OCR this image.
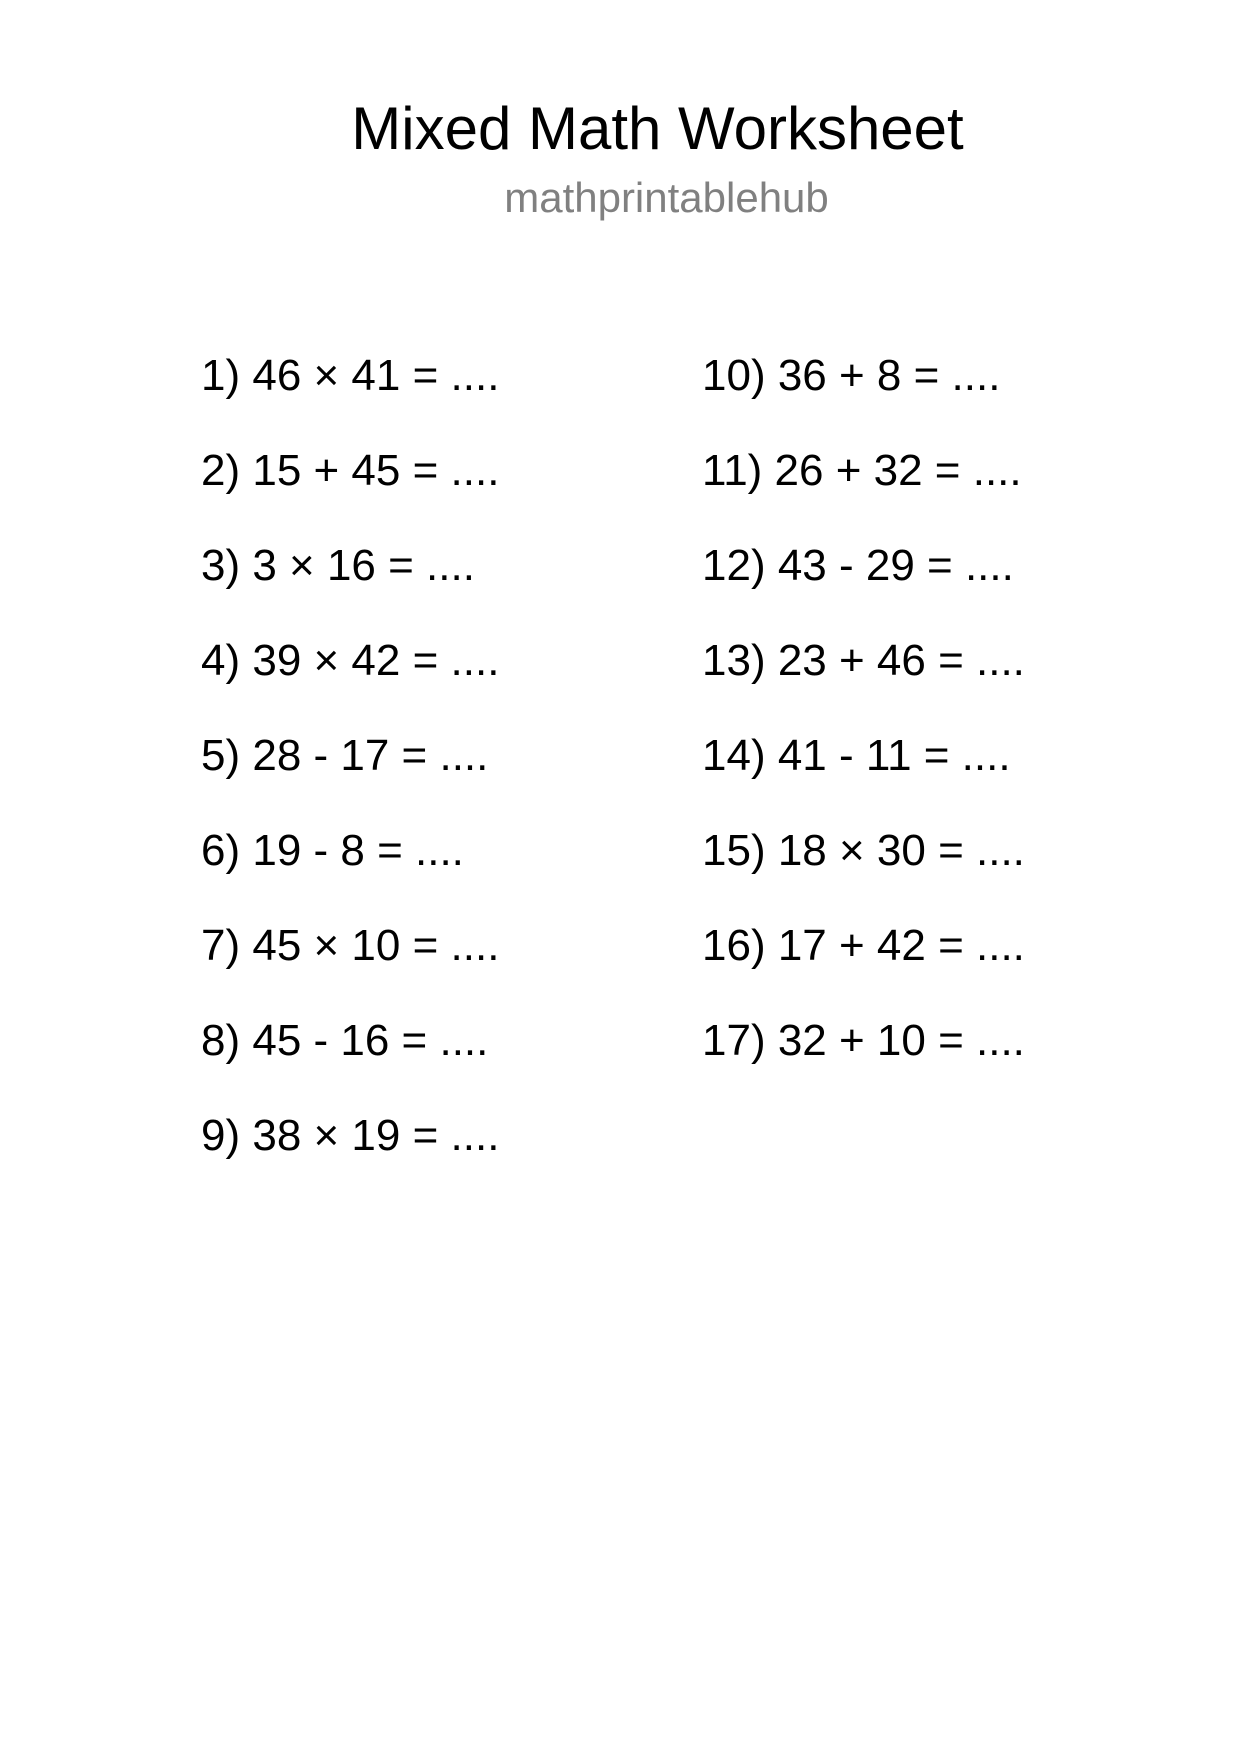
Mixed Math Worksheet
mathprintablehub
1) 46 × 41 = ....
2) 15 + 45 = ....
3) 3 × 16 = ....
4) 39 × 42 = ....
5) 28 - 17 = ....
6) 19 - 8 = ....
7) 45 × 10 = ....
8) 45 - 16 = ....
9) 38 × 19 = ....
10) 36 + 8 = ....
11) 26 + 32 = ....
12) 43 - 29 = ....
13) 23 + 46 = ....
14) 41 - 11 = ....
15) 18 × 30 = ....
16) 17 + 42 = ....
17) 32 + 10 = ....
